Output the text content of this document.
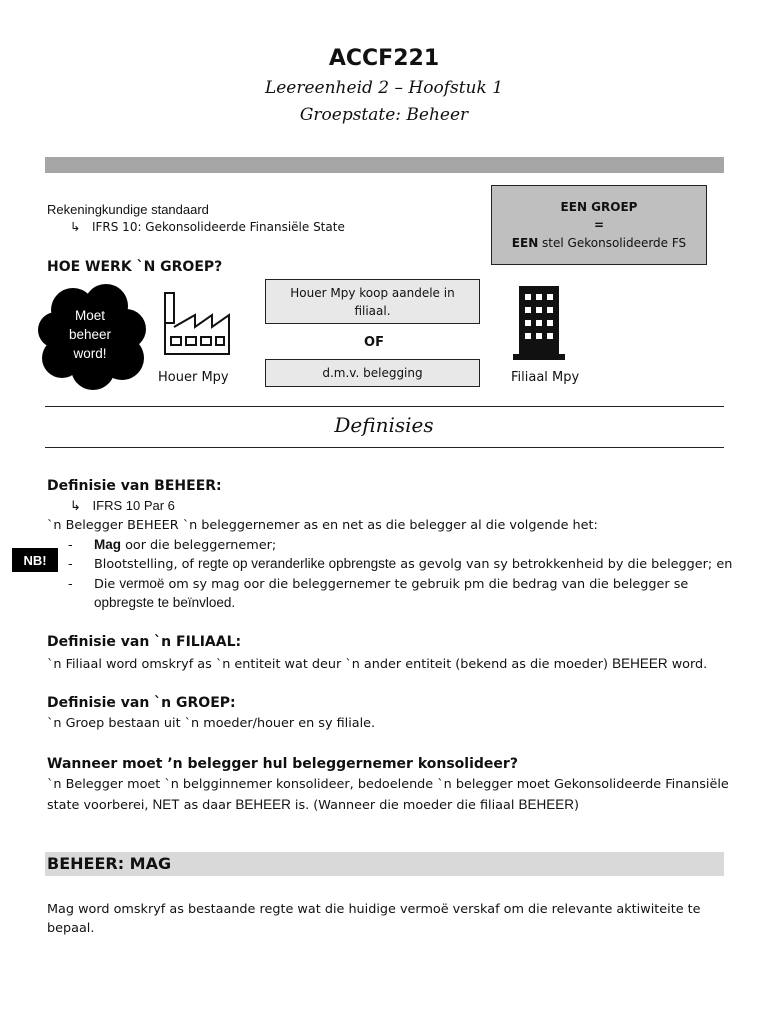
ACCF221
Leereenheid 2 – Hoofstuk 1
Groepstate: Beheer
Rekeningkundige standaard
↳ IFRS 10: Gekonsolideerde Finansiële State
EEN GROEP
=
EEN stel Gekonsolideerde FS
HOE WERK `N GROEP?
Moet beheer word!
Houer Mpy
Houer Mpy koop aandele in filiaal.
OF
d.m.v. belegging	Filiaal Mpy
Definisies
Definisie van BEHEER:
↳ IFRS 10 Par 6
`n Belegger BEHEER `n beleggernemer as en net as die belegger al die volgende het:
NB!
- Mag oor die beleggernemer;
- Blootstelling, of regte op veranderlike opbrengste as gevolg van sy betrokkenheid by die belegger; en
- Die vermoë om sy mag oor die beleggernemer te gebruik pm die bedrag van die belegger se
opbregste te beïnvloed.
Definisie van `n FILIAAL:
`n Filiaal word omskryf as `n entiteit wat deur `n ander entiteit (bekend as die moeder) BEHEER word.
Definisie van `n GROEP:
`n Groep bestaan uit `n moeder/houer en sy filiale.
Wanneer moet ’n belegger hul beleggernemer konsolideer?
`n Belegger moet `n belgginnemer konsolideer, bedoelende `n belegger moet Gekonsolideerde Finansiële
state voorberei, NET as daar BEHEER is. (Wanneer die moeder die filiaal BEHEER)
BEHEER: MAG
Mag word omskryf as bestaande regte wat die huidige vermoë verskaf om die relevante aktiwiteite te
bepaal.
